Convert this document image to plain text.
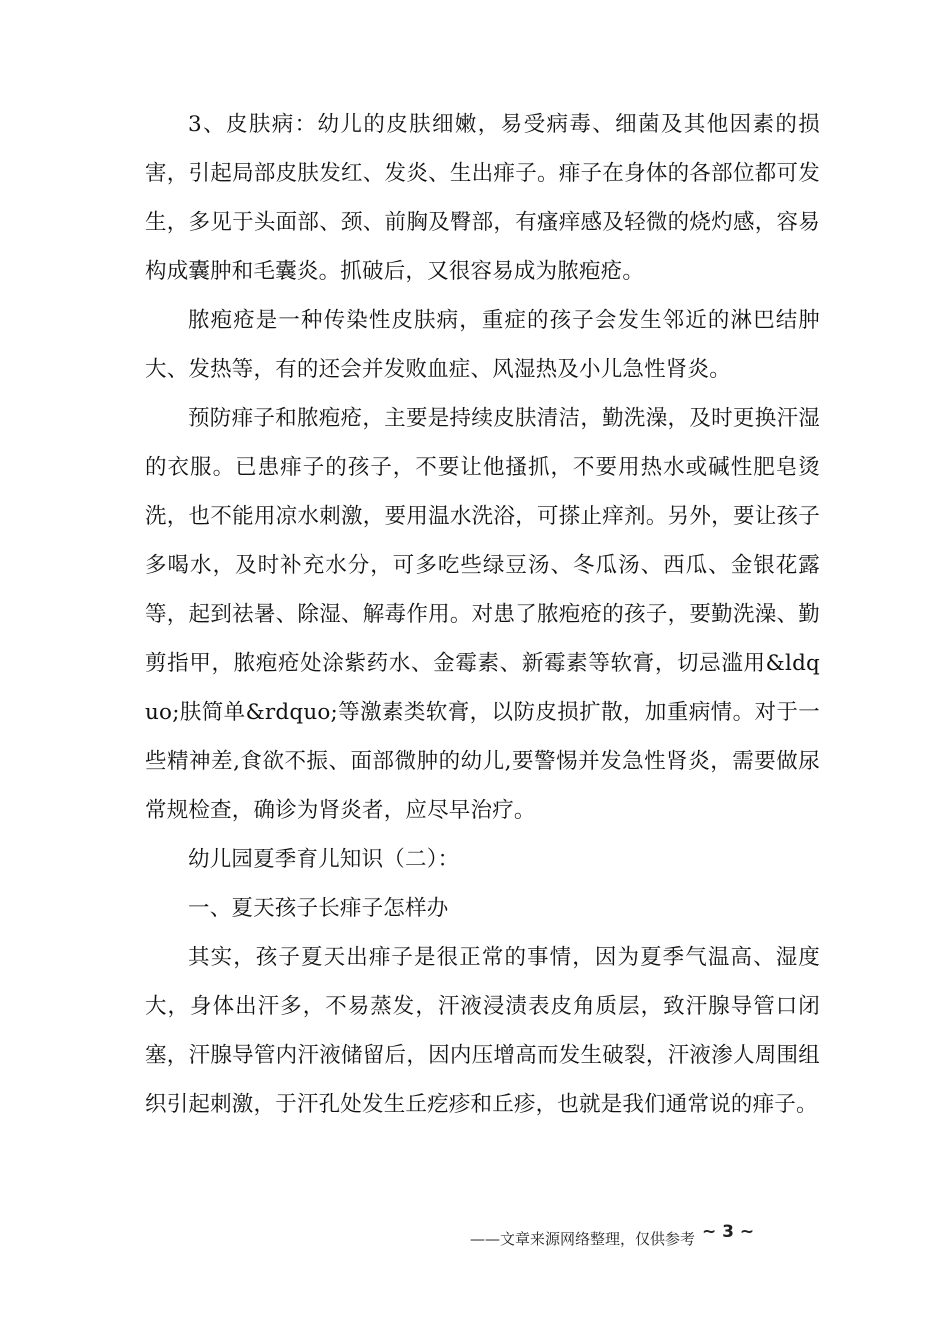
3、皮肤病：幼儿的皮肤细嫩，易受病毒、细菌及其他因素的损害，引起局部皮肤发红、发炎、生出痱子。痱子在身体的各部位都可发生，多见于头面部、颈、前胸及臀部，有瘙痒感及轻微的烧灼感，容易构成囊肿和毛囊炎。抓破后，又很容易成为脓疱疮。

脓疱疮是一种传染性皮肤病，重症的孩子会发生邻近的淋巴结肿大、发热等，有的还会并发败血症、风湿热及小儿急性肾炎。

预防痱子和脓疱疮，主要是持续皮肤清洁，勤洗澡，及时更换汗湿的衣服。已患痱子的孩子，不要让他搔抓，不要用热水或碱性肥皂烫洗，也不能用凉水刺激，要用温水洗浴，可搽止痒剂。另外，要让孩子多喝水，及时补充水分，可多吃些绿豆汤、冬瓜汤、西瓜、金银花露等，起到祛暑、除湿、解毒作用。对患了脓疱疮的孩子，要勤洗澡、勤剪指甲，脓疱疮处涂紫药水、金霉素、新霉素等软膏，切忌滥用&ldquo;肤简单&rdquo;等激素类软膏，以防皮损扩散，加重病情。对于一些精神差,食欲不振、面部微肿的幼儿,要警惕并发急性肾炎，需要做尿常规检查，确诊为肾炎者，应尽早治疗。

幼儿园夏季育儿知识（二）：

一、夏天孩子长痱子怎样办

其实，孩子夏天出痱子是很正常的事情，因为夏季气温高、湿度大，身体出汗多，不易蒸发，汗液浸渍表皮角质层，致汗腺导管口闭塞，汗腺导管内汗液储留后，因内压增高而发生破裂，汗液渗人周围组织引起刺激，于汗孔处发生丘疙疹和丘疹，也就是我们通常说的痱子。

——文章来源网络整理，仅供参考 ~ 3 ~
